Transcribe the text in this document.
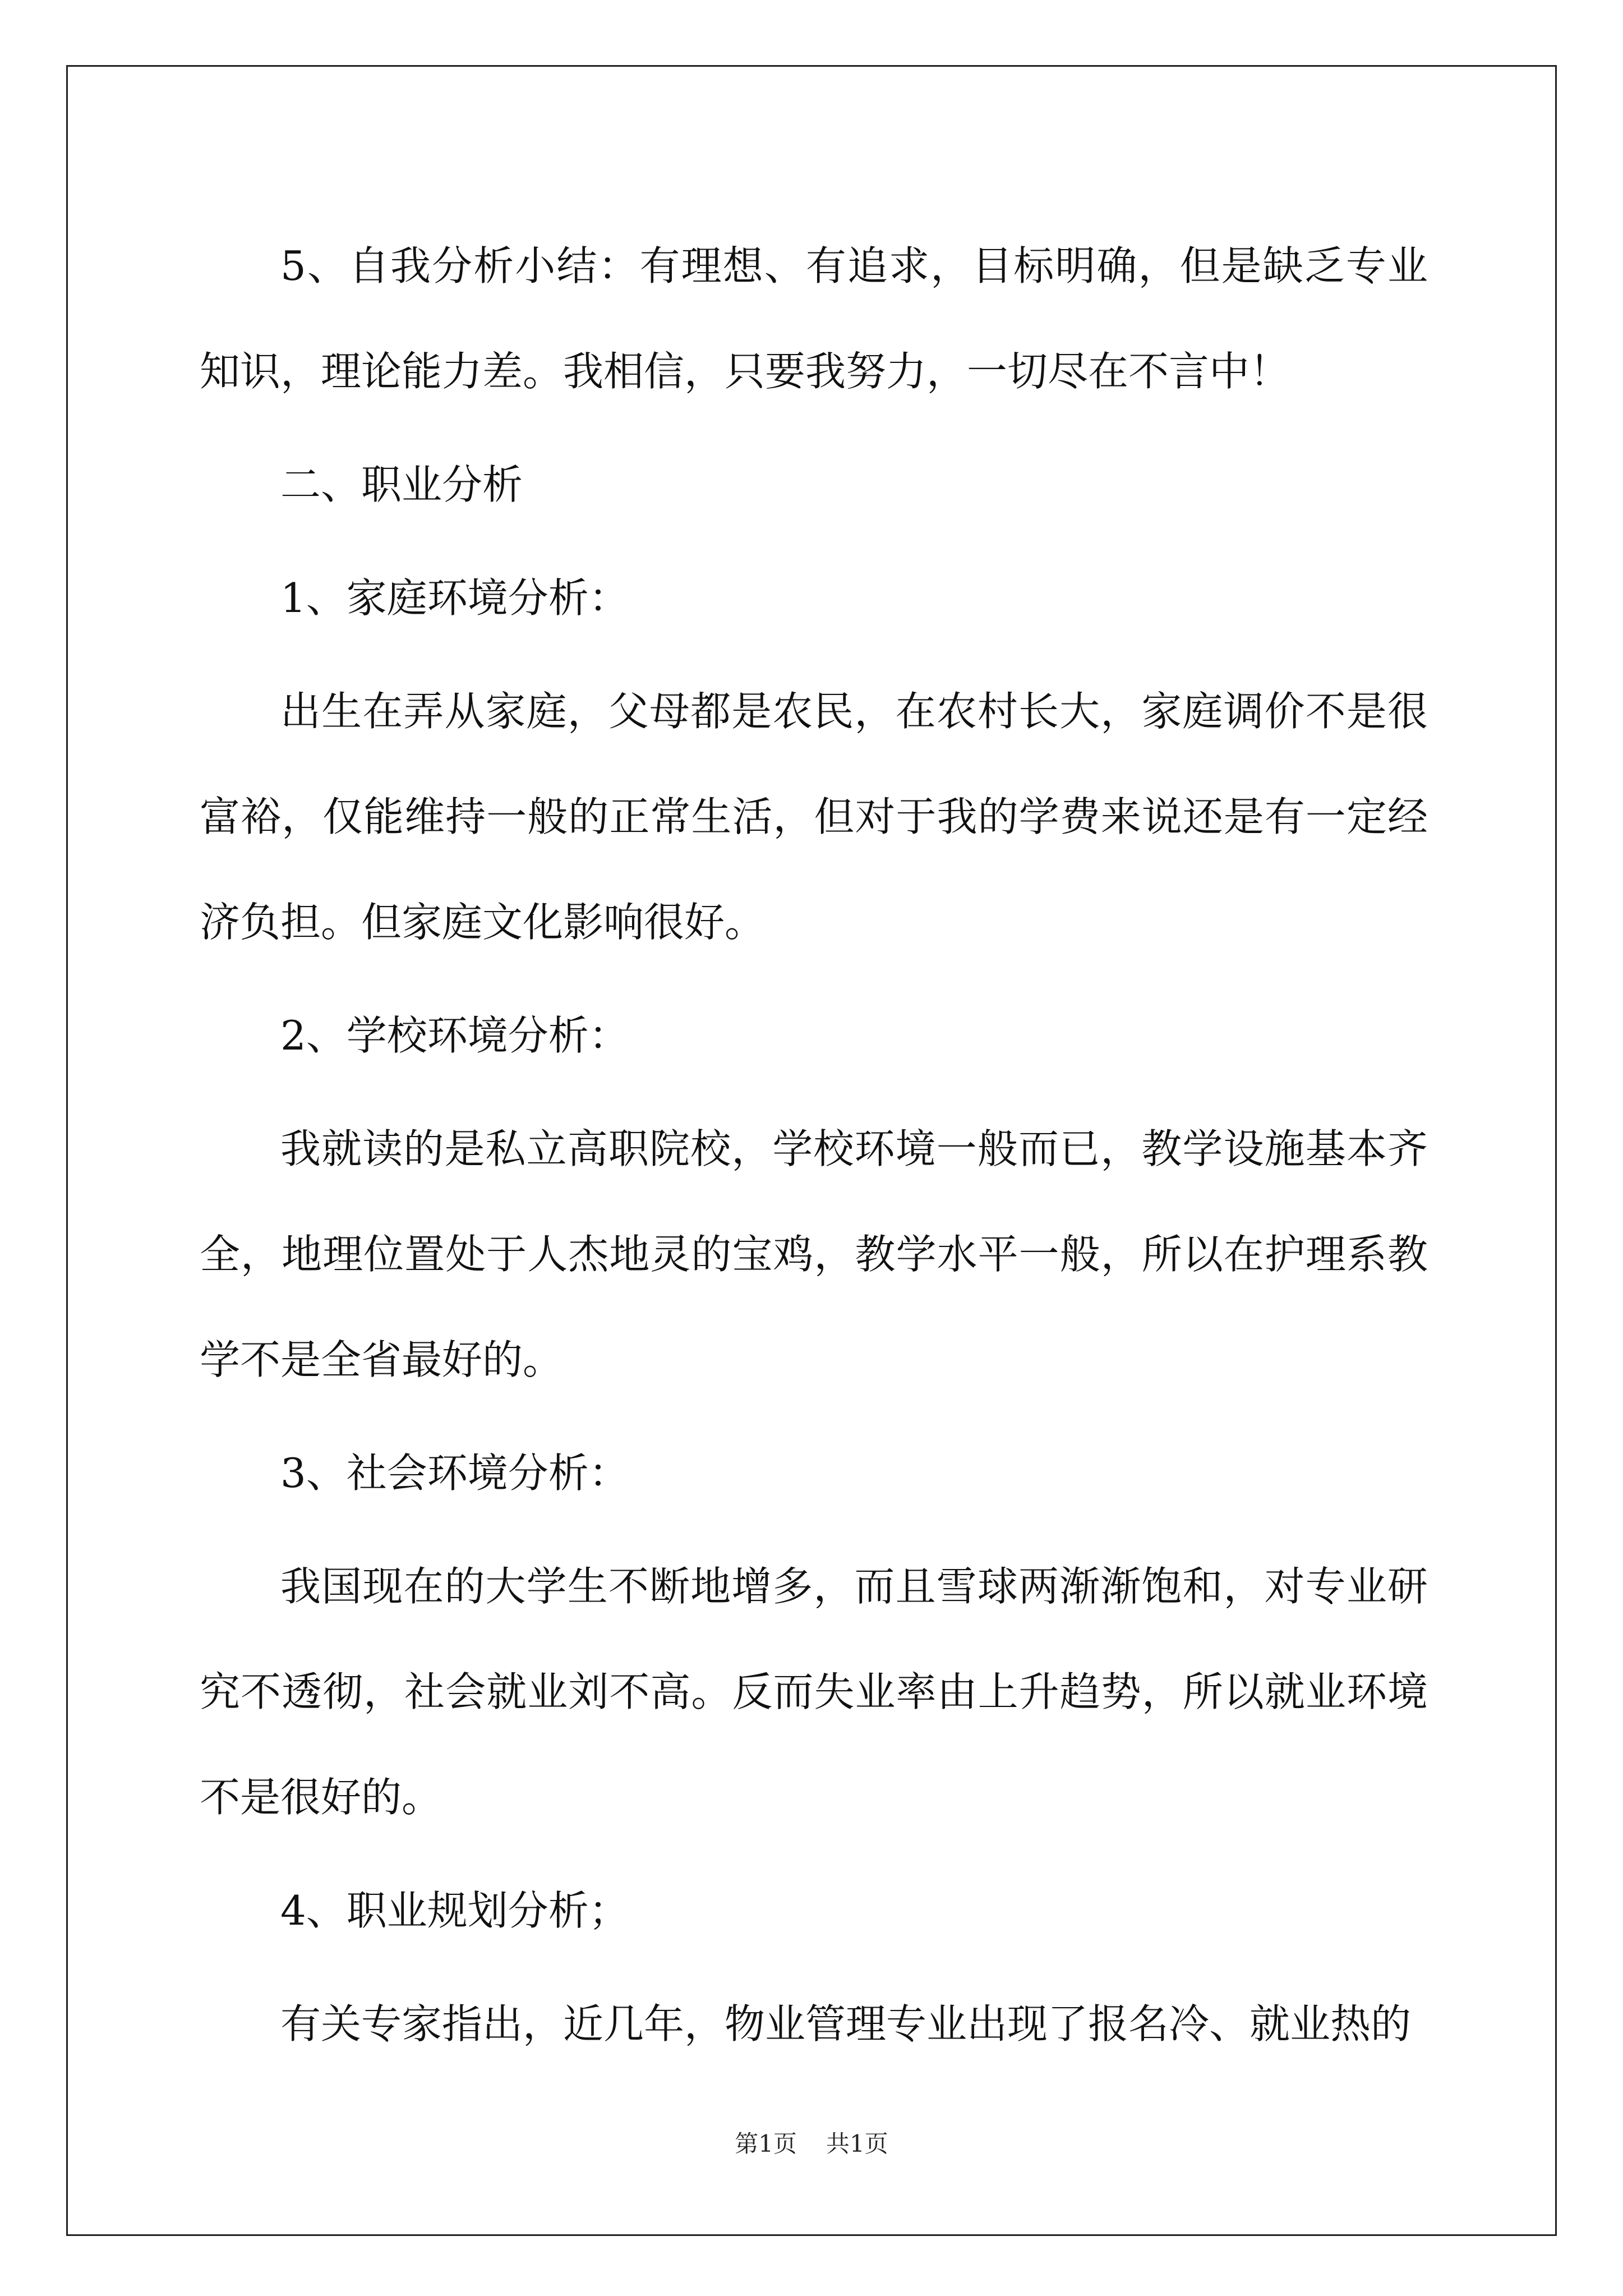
5、自我分析小结：有理想、有追求，目标明确，但是缺乏专业知识，理论能力差。我相信，只要我努力，一切尽在不言中！

二、职业分析

1、家庭环境分析：

出生在弄从家庭，父母都是农民，在农村长大，家庭调价不是很富裕，仅能维持一般的正常生活，但对于我的学费来说还是有一定经济负担。但家庭文化影响很好。

2、学校环境分析：

我就读的是私立高职院校，学校环境一般而已，教学设施基本齐全，地理位置处于人杰地灵的宝鸡，教学水平一般，所以在护理系教学不是全省最好的。

3、社会环境分析：

我国现在的大学生不断地增多，而且雪球两渐渐饱和，对专业研究不透彻，社会就业刘不高。反而失业率由上升趋势，所以就业环境不是很好的。

4、职业规划分析；

有关专家指出，近几年，物业管理专业出现了报名冷、就业热的

第1页 共1页
